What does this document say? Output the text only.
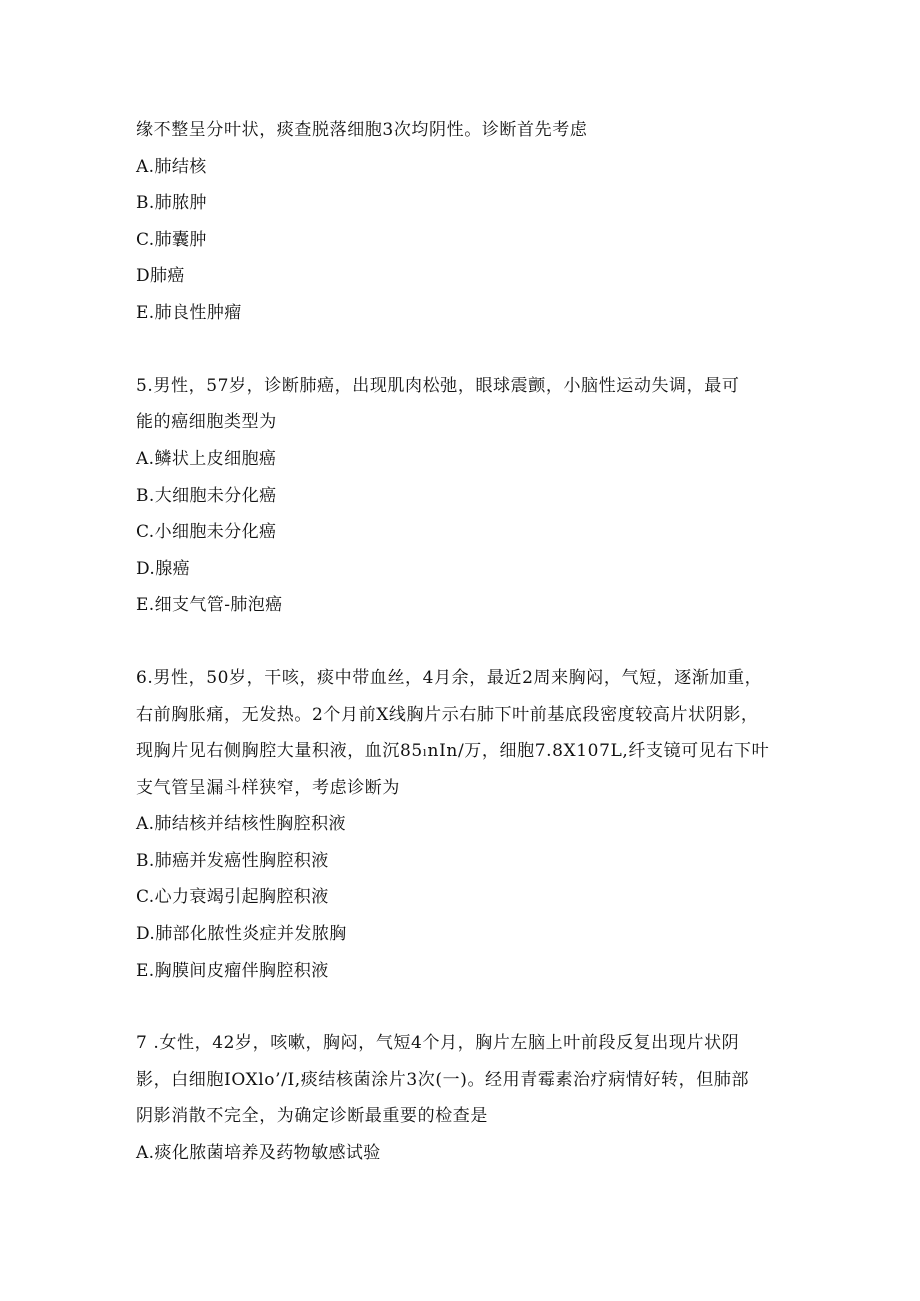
缘不整呈分叶状，痰查脱落细胞3次均阴性。诊断首先考虑
A.肺结核
B.肺脓肿
C.肺囊肿
D肺癌
E.肺良性肿瘤
5.男性，57岁，诊断肺癌，出现肌肉松弛，眼球震颤，小脑性运动失调，最可
能的癌细胞类型为
A.鳞状上皮细胞癌
B.大细胞未分化癌
C.小细胞未分化癌
D.腺癌
E.细支气管-肺泡癌
6.男性，50岁，干咳，痰中带血丝，4月余，最近2周来胸闷，气短，逐渐加重，
右前胸胀痛，无发热。2个月前X线胸片示右肺下叶前基底段密度较高片状阴影，
现胸片见右侧胸腔大量积液，血沉85ₗnIn/万，细胞7.8X107L,纤支镜可见右下叶
支气管呈漏斗样狭窄，考虑诊断为
A.肺结核并结核性胸腔积液
B.肺癌并发癌性胸腔积液
C.心力衰竭引起胸腔积液
D.肺部化脓性炎症并发脓胸
E.胸膜间皮瘤伴胸腔积液
7 .女性，42岁，咳嗽，胸闷，气短4个月，胸片左脑上叶前段反复出现片状阴
影，白细胞IOXlo’/I,痰结核菌涂片3次(一)。经用青霉素治疗病情好转，但肺部
阴影消散不完全，为确定诊断最重要的检查是
A.痰化脓菌培养及药物敏感试验
